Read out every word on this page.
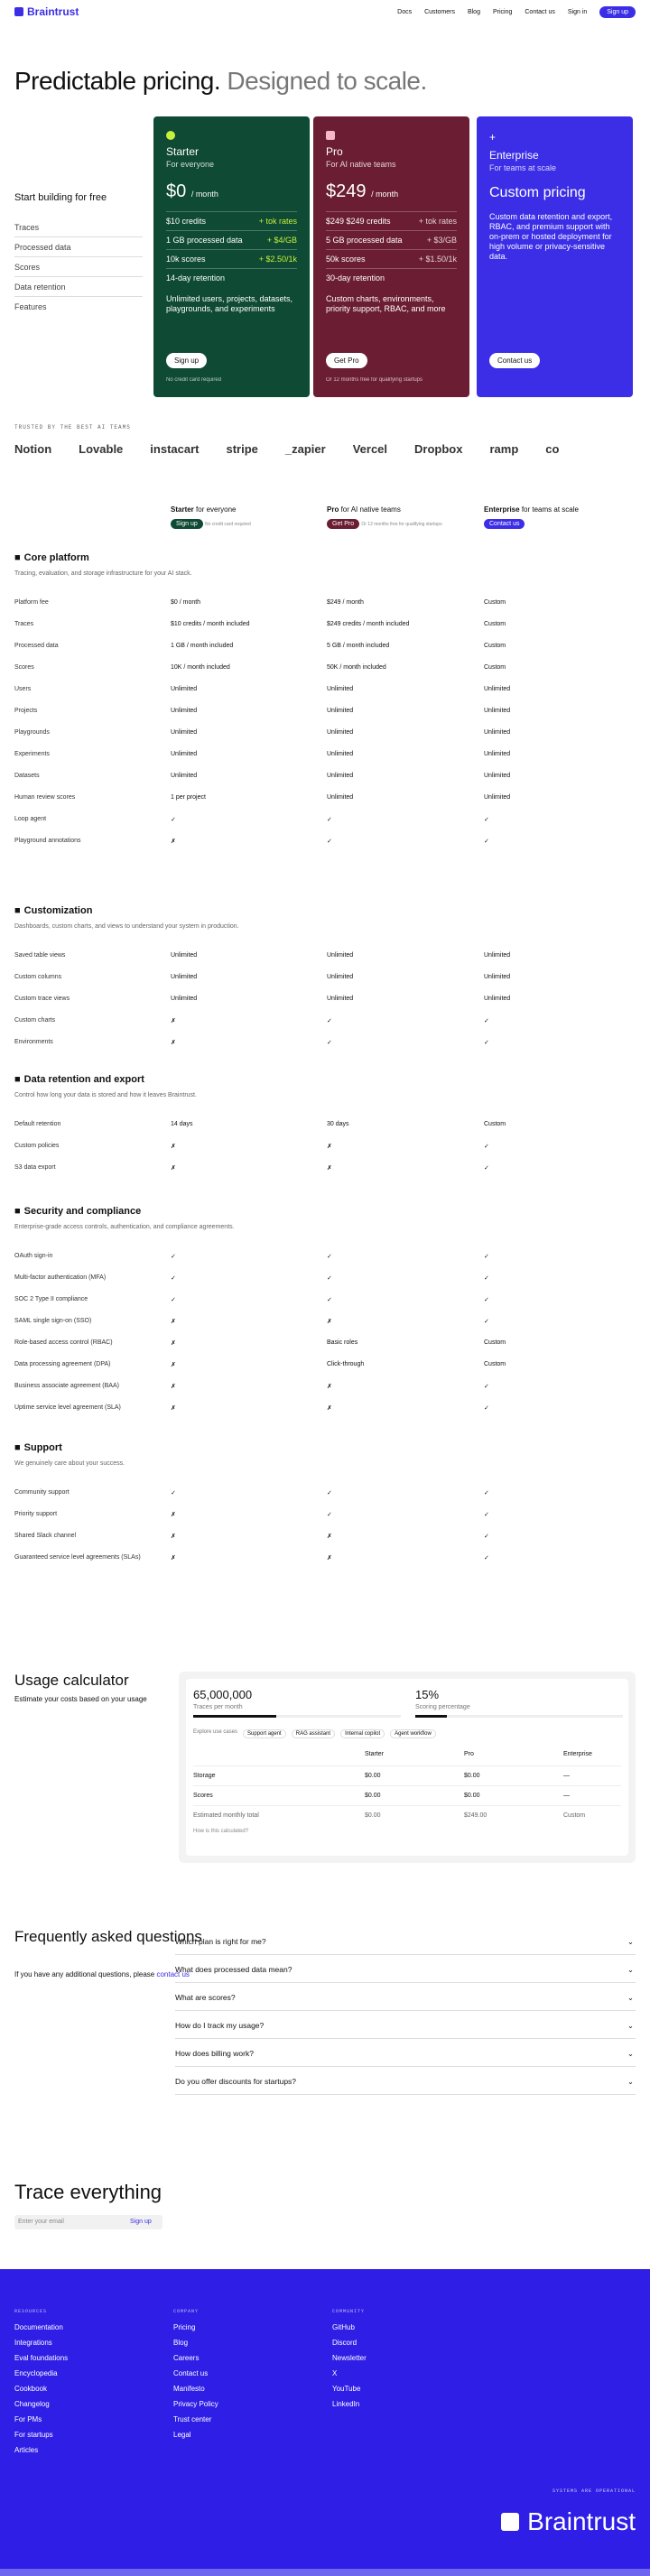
Braintrust	Docs Customers Blog Pricing Contact us Sign in	Sign up
Predictable pricing. Designed to scale.
Start building for free
Traces
Processed data
Scores
Data retention
Features
Starter
For everyone
$0 / month
$10 credits	+ tok rates
1 GB processed data	+ $4/GB
10k scores	+ $2.50/1k
14-day retention
Unlimited users, projects, datasets, playgrounds, and experiments
Sign up
No credit card required
Pro
For AI native teams
$249 / month
$249 $249 credits	+ tok rates
5 GB processed data	+ $3/GB
50k scores	+ $1.50/1k
30-day retention
Custom charts, environments, priority support, RBAC, and more
Get Pro
Or 12 months free for qualifying startups
+
Enterprise
For teams at scale
Custom pricing
Custom data retention and export, RBAC, and premium support with on-prem or hosted deployment for high volume or privacy-sensitive data.
Contact us
TRUSTED BY THE BEST AI TEAMS
Notion Lovable instacart stripe _zapier Vercel Dropbox ramp co
Starter for everyone
Sign up No credit card required
Pro for AI native teams
Get Pro Or 12 months free for qualifying startups
Enterprise for teams at scale
Contact us
■ Core platform
Tracing, evaluation, and storage infrastructure for your AI stack.
Platform fee	$0 / month	$249 / month	Custom
Traces	$10 credits / month included	$249 credits / month included	Custom
Processed data	1 GB / month included	5 GB / month included	Custom
Scores	10K / month included	50K / month included	Custom
Users	Unlimited	Unlimited	Unlimited
Projects	Unlimited	Unlimited	Unlimited
Playgrounds	Unlimited	Unlimited	Unlimited
Experiments	Unlimited	Unlimited	Unlimited
Datasets	Unlimited	Unlimited	Unlimited
Human review scores	1 per project	Unlimited	Unlimited
Loop agent	✓	✓	✓
Playground annotations	✗	✓	✓
■ Customization
Dashboards, custom charts, and views to understand your system in production.
Saved table views	Unlimited	Unlimited	Unlimited
Custom columns	Unlimited	Unlimited	Unlimited
Custom trace views	Unlimited	Unlimited	Unlimited
Custom charts	✗	✓	✓
Environments	✗	✓	✓
■ Data retention and export
Control how long your data is stored and how it leaves Braintrust.
Default retention	14 days	30 days	Custom
Custom policies	✗	✗	✓
S3 data export	✗	✗	✓
■ Security and compliance
Enterprise-grade access controls, authentication, and compliance agreements.
OAuth sign-in	✓	✓	✓
Multi-factor authentication (MFA)	✓	✓	✓
SOC 2 Type II compliance	✓	✓	✓
SAML single sign-on (SSO)	✗	✗	✓
Role-based access control (RBAC)	✗	Basic roles	Custom
Data processing agreement (DPA)	✗	Click-through	Custom
Business associate agreement (BAA)	✗	✗	✓
Uptime service level agreement (SLA)	✗	✗	✓
■ Support
We genuinely care about your success.
Community support	✓	✓	✓
Priority support	✗	✓	✓
Shared Slack channel	✗	✗	✓
Guaranteed service level agreements (SLAs)	✗	✗	✓
Usage calculator
Estimate your costs based on your usage	65,000,000
Traces per month
15%
Scoring percentage
Explore use cases	Support agent	RAG assistant	Internal copilot	Agent workflow
Starter	Pro	Enterprise
Storage	$0.00	$0.00	—
Scores	$0.00	$0.00	—
Estimated monthly total	$0.00	$249.00	Custom
How is this calculated?
Frequently asked questions
If you have any additional questions, please contact us
Which plan is right for me?	⌄
What does processed data mean?	⌄
What are scores?	⌄
How do I track my usage?	⌄
How does billing work?	⌄
Do you offer discounts for startups?	⌄
Trace everything
Enter your email	Sign up
RESOURCES
Documentation
Integrations
Eval foundations
Encyclopedia
Cookbook
Changelog
For PMs
For startups
Articles
COMPANY
Pricing
Blog
Careers
Contact us
Manifesto
Privacy Policy
Trust center
Legal
COMMUNITY
GitHub
Discord
Newsletter
X
YouTube
LinkedIn
SYSTEMS ARE OPERATIONAL
Braintrust
